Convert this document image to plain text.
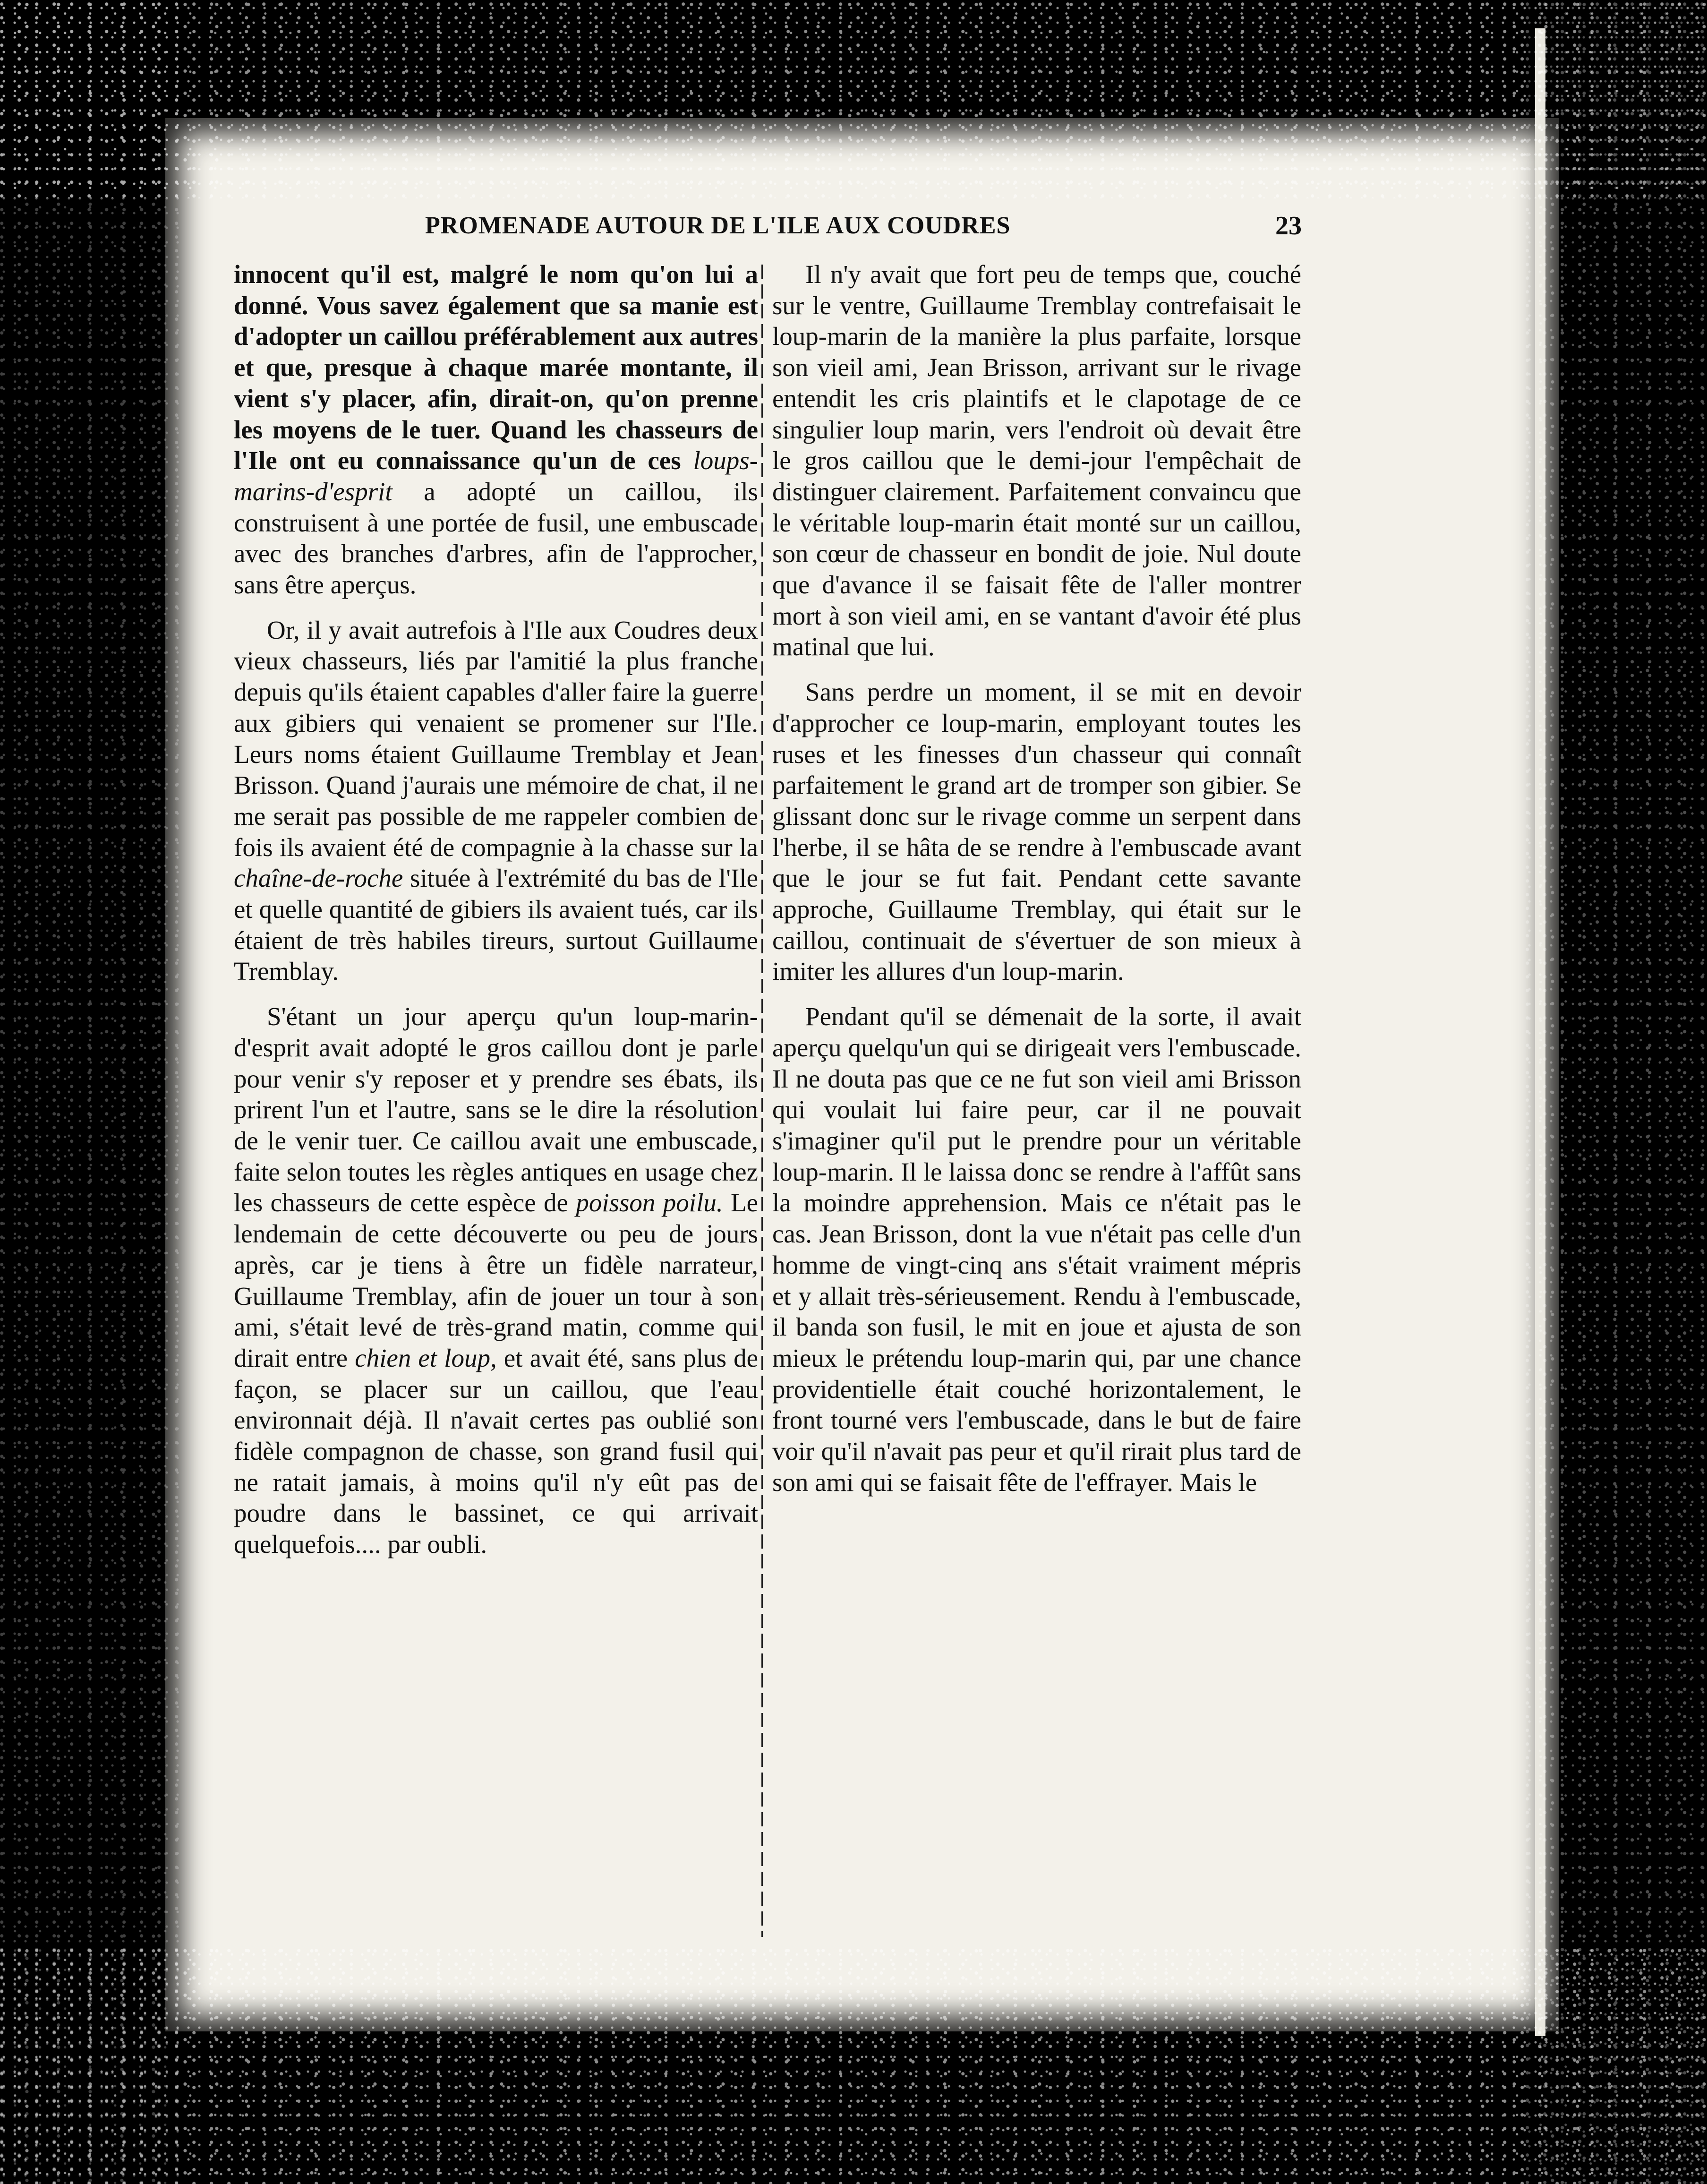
PROMENADE AUTOUR DE L'ILE AUX COUDRES	23

innocent qu'il est, malgré le nom qu'on lui a donné. Vous savez également que sa manie est d'adopter un caillou préférablement aux autres et que, presque à chaque marée montante, il vient s'y placer, afin, dirait-on, qu'on prenne les moyens de le tuer. Quand les chasseurs de l'Ile ont eu connaissance qu'un de ces loups-marins-d'esprit a adopté un caillou, ils construisent à une portée de fusil, une embuscade avec des branches d'arbres, afin de l'approcher, sans être aperçus.

Or, il y avait autrefois à l'Ile aux Coudres deux vieux chasseurs, liés par l'amitié la plus franche depuis qu'ils étaient capables d'aller faire la guerre aux gibiers qui venaient se promener sur l'Ile. Leurs noms étaient Guillaume Tremblay et Jean Brisson. Quand j'aurais une mémoire de chat, il ne me serait pas possible de me rappeler combien de fois ils avaient été de compagnie à la chasse sur la chaîne-de-roche située à l'extrémité du bas de l'Ile et quelle quantité de gibiers ils avaient tués, car ils étaient de très habiles tireurs, surtout Guillaume Tremblay.

S'étant un jour aperçu qu'un loup-marin-d'esprit avait adopté le gros caillou dont je parle pour venir s'y reposer et y prendre ses ébats, ils prirent l'un et l'autre, sans se le dire la résolution de le venir tuer. Ce caillou avait une embuscade, faite selon toutes les règles antiques en usage chez les chasseurs de cette espèce de poisson poilu. Le lendemain de cette découverte ou peu de jours après, car je tiens à être un fidèle narrateur, Guillaume Tremblay, afin de jouer un tour à son ami, s'était levé de très-grand matin, comme qui dirait entre chien et loup, et avait été, sans plus de façon, se placer sur un caillou, que l'eau environnait déjà. Il n'avait certes pas oublié son fidèle compagnon de chasse, son grand fusil qui ne ratait jamais, à moins qu'il n'y eût pas de poudre dans le bassinet, ce qui arrivait quelquefois.... par oubli.

Il n'y avait que fort peu de temps que, couché sur le ventre, Guillaume Tremblay contrefaisait le loup-marin de la manière la plus parfaite, lorsque son vieil ami, Jean Brisson, arrivant sur le rivage entendit les cris plaintifs et le clapotage de ce singulier loup marin, vers l'endroit où devait être le gros caillou que le demi-jour l'empêchait de distinguer clairement. Parfaitement convaincu que le véritable loup-marin était monté sur un caillou, son cœur de chasseur en bondit de joie. Nul doute que d'avance il se faisait fête de l'aller montrer mort à son vieil ami, en se vantant d'avoir été plus matinal que lui.

Sans perdre un moment, il se mit en devoir d'approcher ce loup-marin, employant toutes les ruses et les finesses d'un chasseur qui connaît parfaitement le grand art de tromper son gibier. Se glissant donc sur le rivage comme un serpent dans l'herbe, il se hâta de se rendre à l'embuscade avant que le jour se fut fait. Pendant cette savante approche, Guillaume Tremblay, qui était sur le caillou, continuait de s'évertuer de son mieux à imiter les allures d'un loup-marin.

Pendant qu'il se démenait de la sorte, il avait aperçu quelqu'un qui se dirigeait vers l'embuscade. Il ne douta pas que ce ne fut son vieil ami Brisson qui voulait lui faire peur, car il ne pouvait s'imaginer qu'il put le prendre pour un véritable loup-marin. Il le laissa donc se rendre à l'affût sans la moindre apprehension. Mais ce n'était pas le cas. Jean Brisson, dont la vue n'était pas celle d'un homme de vingt-cinq ans s'était vraiment mépris et y allait très-sérieusement. Rendu à l'embuscade, il banda son fusil, le mit en joue et ajusta de son mieux le prétendu loup-marin qui, par une chance providentielle était couché horizontalement, le front tourné vers l'embuscade, dans le but de faire voir qu'il n'avait pas peur et qu'il rirait plus tard de son ami qui se faisait fête de l'effrayer. Mais le
